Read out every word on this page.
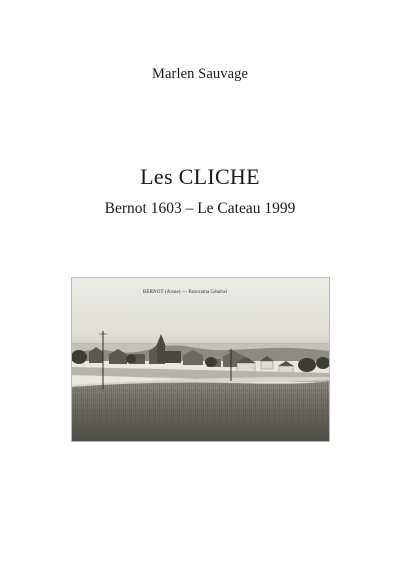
Marlen Sauvage
Les CLICHE
Bernot 1603 – Le Cateau 1999
BERNOT (Aisne) — Panorama Général
